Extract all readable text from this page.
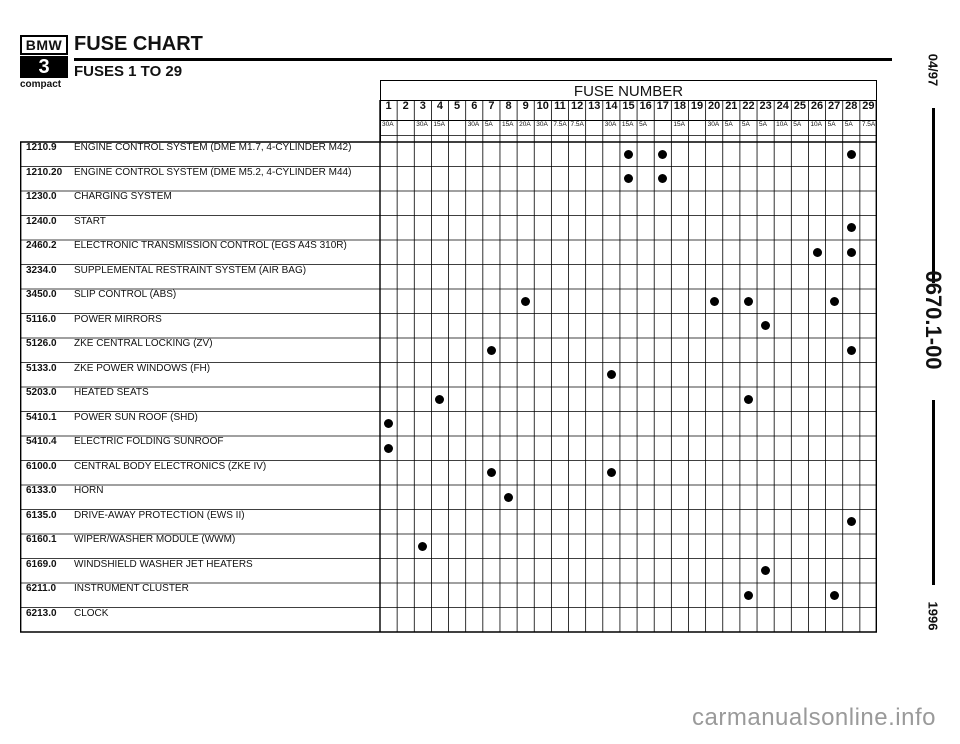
BMW
3
compact
FUSE CHART
FUSES 1 TO 29
FUSE NUMBER
1
30A
2	3
30A
4
15A
5	6
30A
7
5A
8
15A
9
20A
10
30A
11
7.5A
12
7.5A
13 14
30A
15
15A
16
5A
17 18
15A
19 20
30A
21
5A
22
5A
23
5A
24
10A
25
5A
26
10A
27
5A
28
5A
29
7.5A
1210.9 ENGINE CONTROL SYSTEM (DME M1.7, 4-CYLINDER M42)
1210.20 ENGINE CONTROL SYSTEM (DME M5.2, 4-CYLINDER M44)
1230.0 CHARGING SYSTEM
1240.0 START
2460.2 ELECTRONIC TRANSMISSION CONTROL (EGS A4S 310R)
3234.0 SUPPLEMENTAL RESTRAINT SYSTEM (AIR BAG)
3450.0 SLIP CONTROL (ABS)
5116.0 POWER MIRRORS
5126.0 ZKE CENTRAL LOCKING (ZV)
5133.0 ZKE POWER WINDOWS (FH)
5203.0 HEATED SEATS
5410.1 POWER SUN ROOF (SHD)
5410.4 ELECTRIC FOLDING SUNROOF
6100.0 CENTRAL BODY ELECTRONICS (ZKE IV)
6133.0 HORN
6135.0 DRIVE-AWAY PROTECTION (EWS II)
6160.1 WIPER/WASHER MODULE (WWM)
6169.0 WINDSHIELD WASHER JET HEATERS
6211.0 INSTRUMENT CLUSTER
6213.0 CLOCK
04/97
0670.1-00
1996
carmanualsonline.info
